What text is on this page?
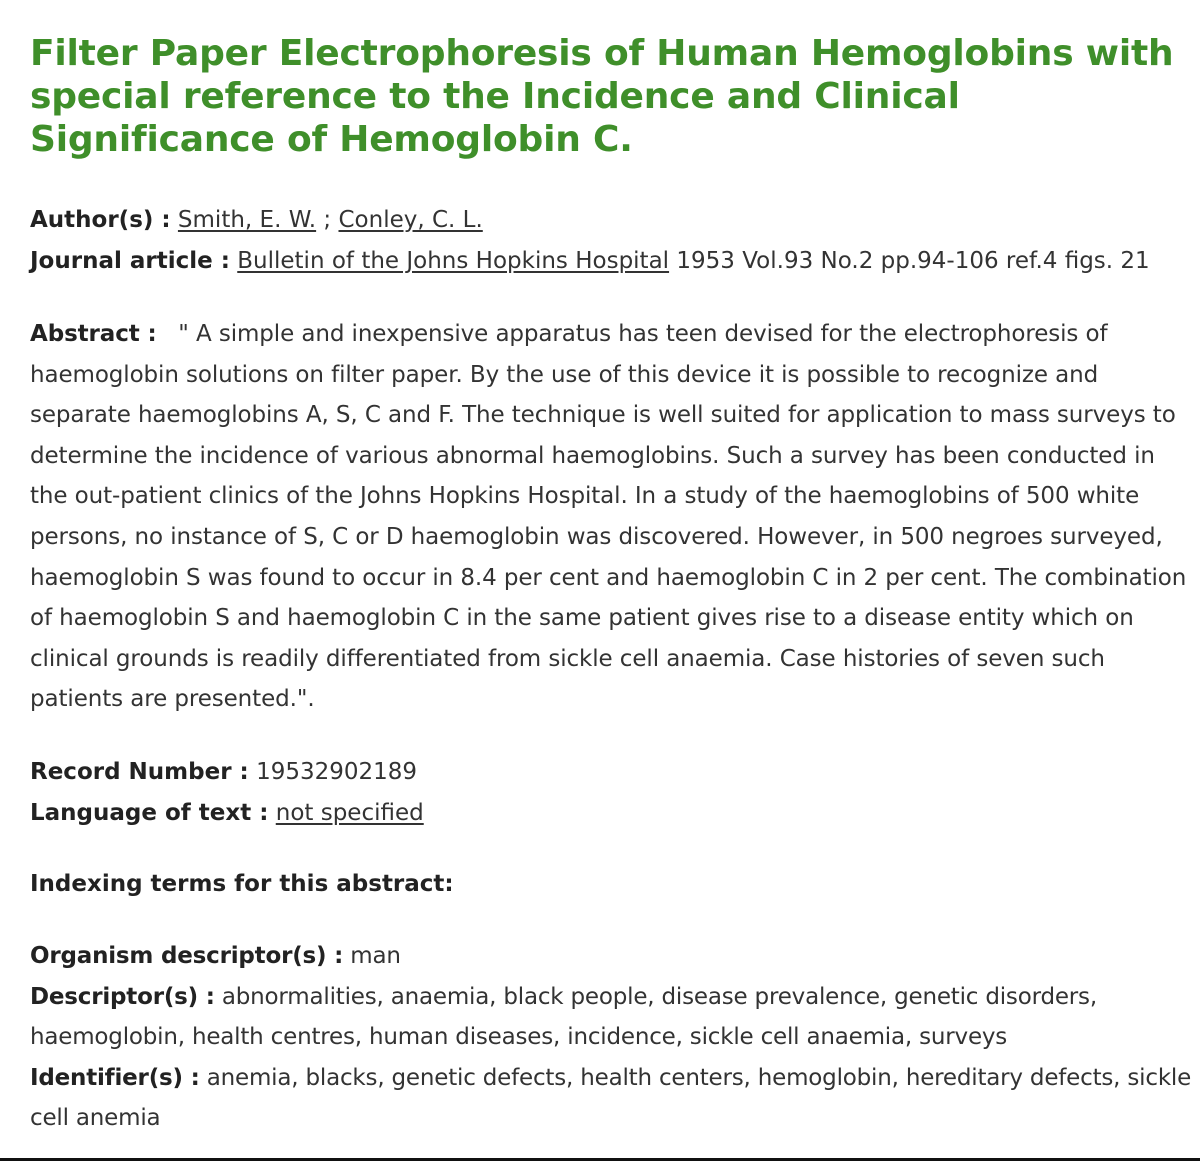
Filter Paper Electrophoresis of Human Hemoglobins with special reference to the Incidence and Clinical Significance of Hemoglobin C.
Author(s) : Smith, E. W. ; Conley, C. L.
Journal article : Bulletin of the Johns Hopkins Hospital 1953 Vol.93 No.2 pp.94-106 ref.4 figs. 21
Abstract : " A simple and inexpensive apparatus has teen devised for the electrophoresis of haemoglobin solutions on filter paper. By the use of this device it is possible to recognize and separate haemoglobins A, S, C and F. The technique is well suited for application to mass surveys to determine the incidence of various abnormal haemoglobins. Such a survey has been conducted in the out-patient clinics of the Johns Hopkins Hospital. In a study of the haemoglobins of 500 white persons, no instance of S, C or D haemoglobin was discovered. However, in 500 negroes surveyed, haemoglobin S was found to occur in 8.4 per cent and haemoglobin C in 2 per cent. The combination of haemoglobin S and haemoglobin C in the same patient gives rise to a disease entity which on clinical grounds is readily differentiated from sickle cell anaemia. Case histories of seven such patients are presented.".
Record Number : 19532902189
Language of text : not specified
Indexing terms for this abstract:
Organism descriptor(s) : man
Descriptor(s) : abnormalities, anaemia, black people, disease prevalence, genetic disorders, haemoglobin, health centres, human diseases, incidence, sickle cell anaemia, surveys
Identifier(s) : anemia, blacks, genetic defects, health centers, hemoglobin, hereditary defects, sickle cell anemia
